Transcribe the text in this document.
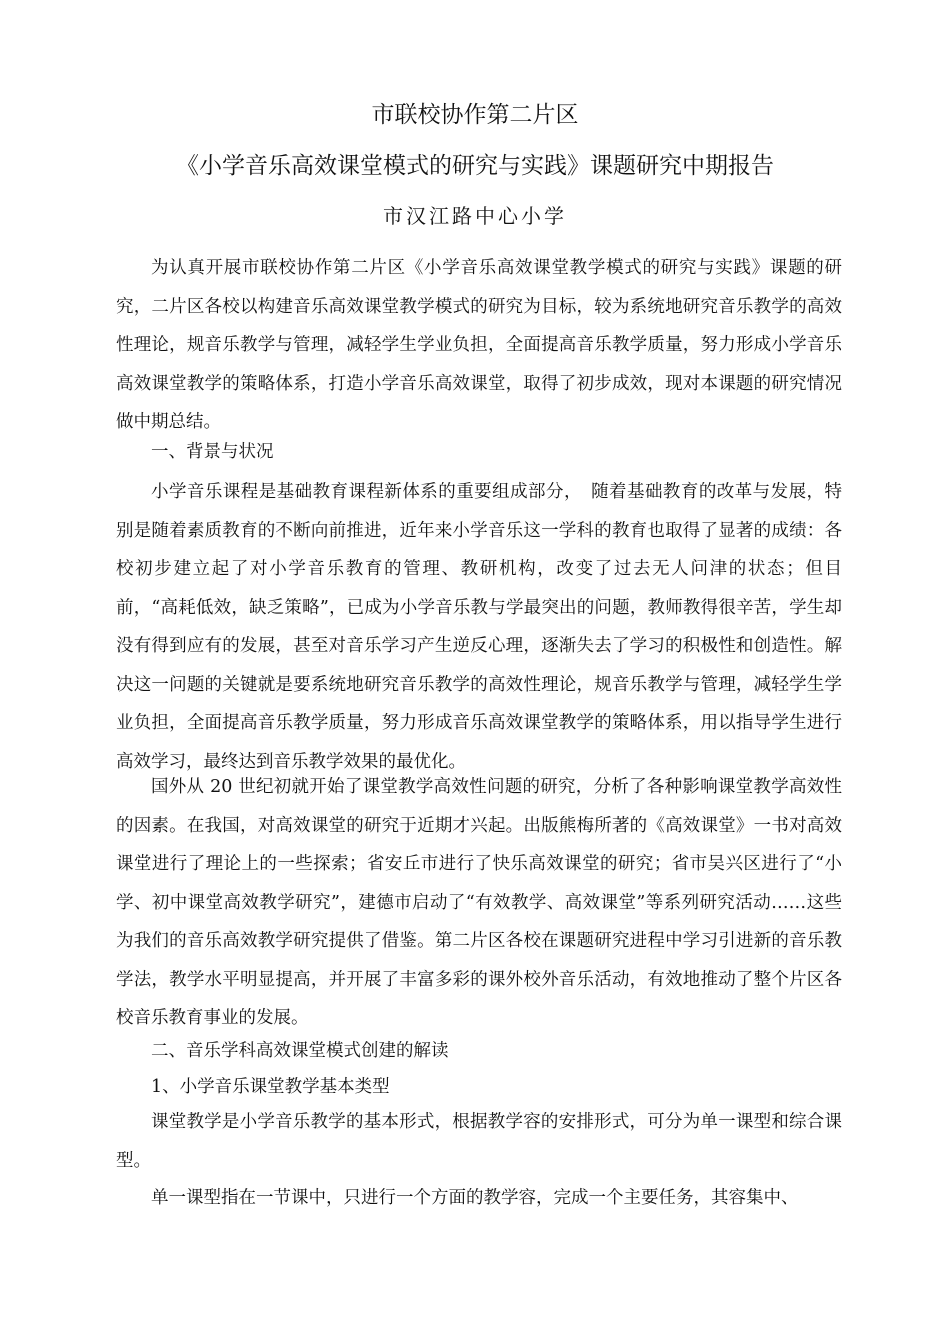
市联校协作第二片区
《小学音乐高效课堂模式的研究与实践》课题研究中期报告
市汉江路中心小学

为认真开展市联校协作第二片区《小学音乐高效课堂教学模式的研究与实践》课题的研究，二片区各校以构建音乐高效课堂教学模式的研究为目标，较为系统地研究音乐教学的高效性理论，规音乐教学与管理，减轻学生学业负担，全面提高音乐教学质量，努力形成小学音乐高效课堂教学的策略体系，打造小学音乐高效课堂，取得了初步成效，现对本课题的研究情况做中期总结。

一、背景与状况

小学音乐课程是基础教育课程新体系的重要组成部分，　随着基础教育的改革与发展，特别是随着素质教育的不断向前推进，近年来小学音乐这一学科的教育也取得了显著的成绩：各校初步建立起了对小学音乐教育的管理、教研机构，改变了过去无人问津的状态；但目前，“高耗低效，缺乏策略”，已成为小学音乐教与学最突出的问题，教师教得很辛苦，学生却没有得到应有的发展，甚至对音乐学习产生逆反心理，逐渐失去了学习的积极性和创造性。解决这一问题的关键就是要系统地研究音乐教学的高效性理论，规音乐教学与管理，减轻学生学业负担，全面提高音乐教学质量，努力形成音乐高效课堂教学的策略体系，用以指导学生进行高效学习，最终达到音乐教学效果的最优化。

国外从 20 世纪初就开始了课堂教学高效性问题的研究，分析了各种影响课堂教学高效性的因素。在我国，对高效课堂的研究于近期才兴起。出版熊梅所著的《高效课堂》一书对高效课堂进行了理论上的一些探索；省安丘市进行了快乐高效课堂的研究；省市吴兴区进行了“小学、初中课堂高效教学研究”，建德市启动了“有效教学、高效课堂”等系列研究活动……这些为我们的音乐高效教学研究提供了借鉴。第二片区各校在课题研究进程中学习引进新的音乐教学法，教学水平明显提高，并开展了丰富多彩的课外校外音乐活动，有效地推动了整个片区各校音乐教育事业的发展。

二、音乐学科高效课堂模式创建的解读
1、小学音乐课堂教学基本类型

课堂教学是小学音乐教学的基本形式，根据教学容的安排形式，可分为单一课型和综合课型。

单一课型指在一节课中，只进行一个方面的教学容，完成一个主要任务，其容集中、
